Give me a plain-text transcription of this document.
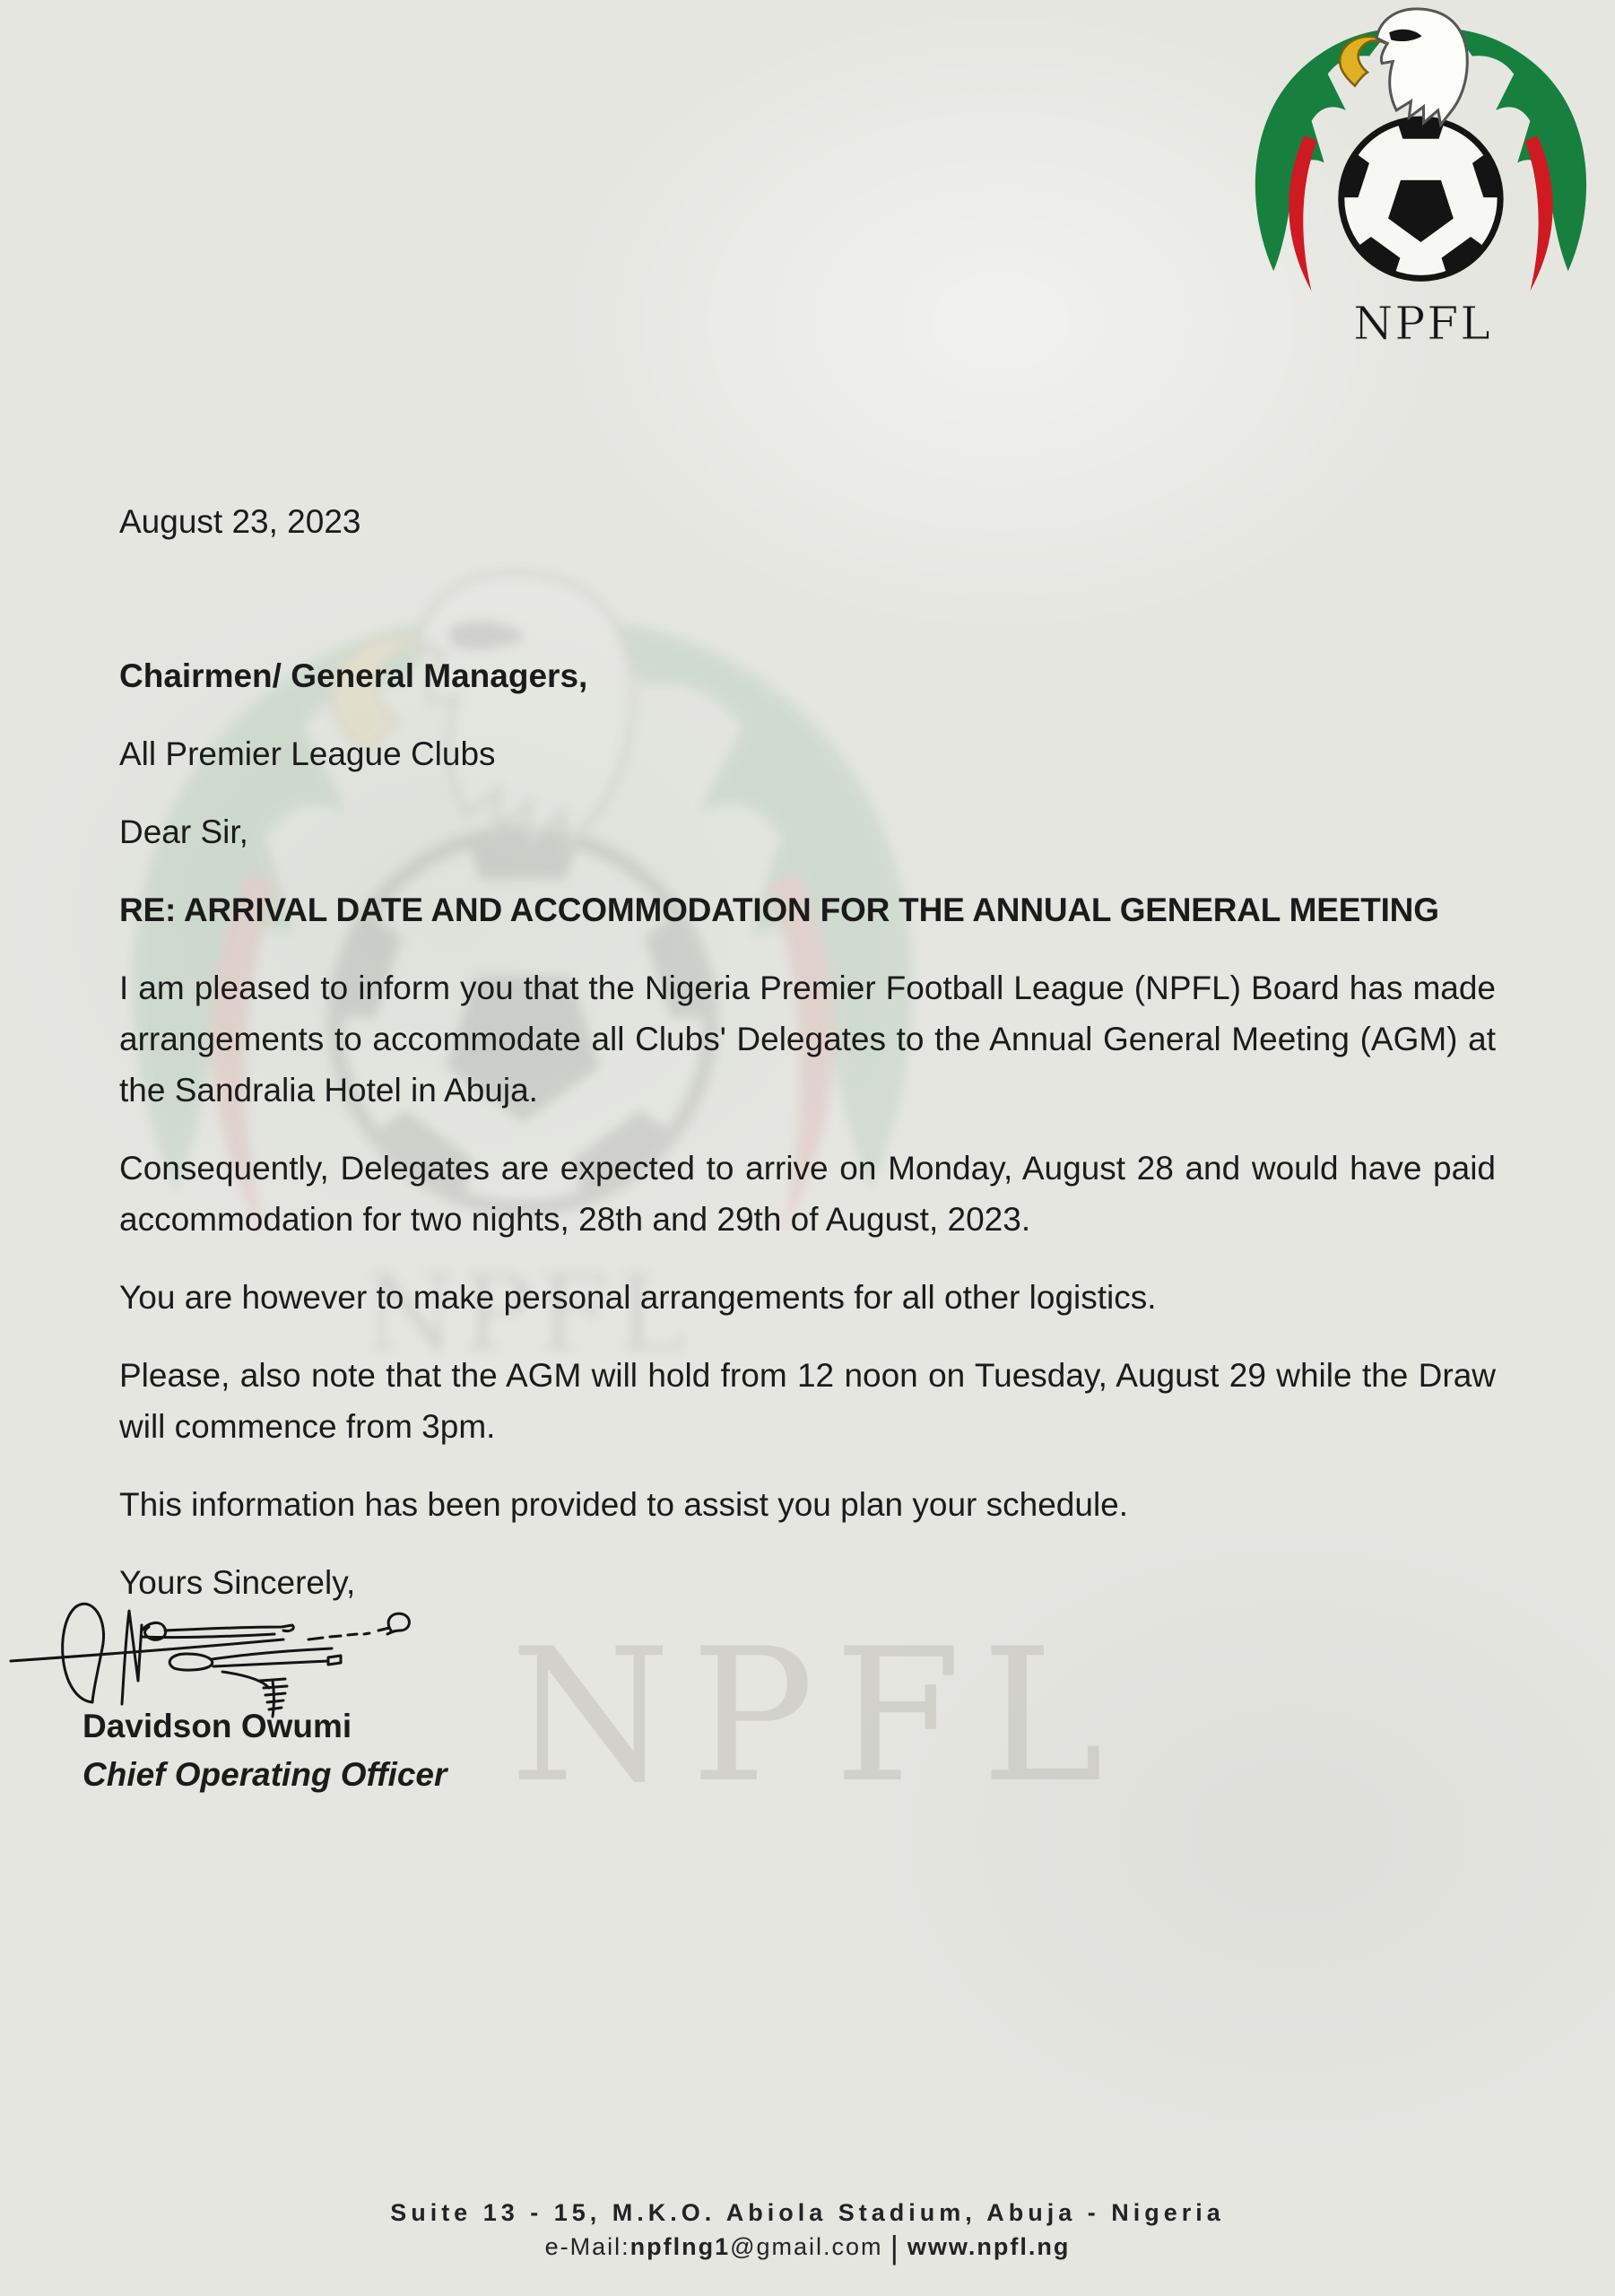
NPFL

August 23, 2023

Chairmen/ General Managers,

All Premier League Clubs

Dear Sir,

RE: ARRIVAL DATE AND ACCOMMODATION FOR THE ANNUAL GENERAL MEETING

I am pleased to inform you that the Nigeria Premier Football League (NPFL) Board has made arrangements to accommodate all Clubs' Delegates to the Annual General Meeting (AGM) at the Sandralia Hotel in Abuja.

Consequently, Delegates are expected to arrive on Monday, August 28 and would have paid accommodation for two nights, 28th and 29th of August, 2023.

You are however to make personal arrangements for all other logistics.

Please, also note that the AGM will hold from 12 noon on Tuesday, August 29 while the Draw will commence from 3pm.

This information has been provided to assist you plan your schedule.

Yours Sincerely,

Davidson Owumi
Chief Operating Officer
Suite 13 - 15, M.K.O. Abiola Stadium, Abuja - Nigeria
e-Mail:npflng1@gmail.com | www.npfl.ng
